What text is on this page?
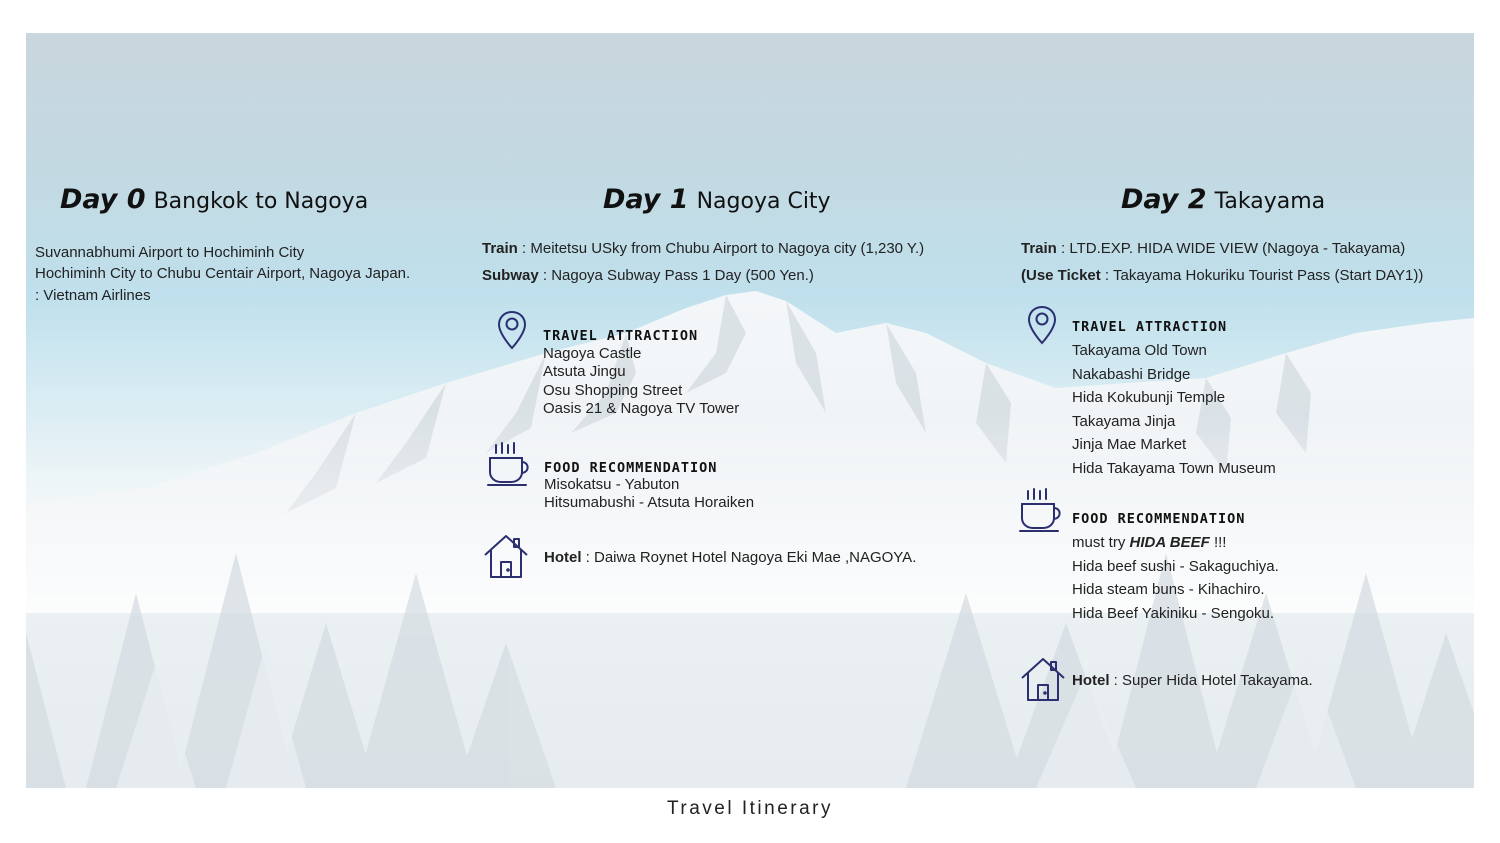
Day 0 Bangkok to Nagoya
Suvannabhumi Airport to Hochiminh City
Hochiminh City to Chubu Centair Airport, Nagoya Japan.
: Vietnam Airlines
Day 1 Nagoya City
Train : Meitetsu USky from Chubu Airport to Nagoya city (1,230 Y.)
Subway : Nagoya Subway Pass 1 Day (500 Yen.)
TRAVEL ATTRACTION
Nagoya Castle
Atsuta Jingu
Osu Shopping Street
Oasis 21 & Nagoya TV Tower
FOOD RECOMMENDATION
Misokatsu - Yabuton
Hitsumabushi - Atsuta Horaiken
Hotel : Daiwa Roynet Hotel Nagoya Eki Mae ,NAGOYA.
Day 2 Takayama
Train : LTD.EXP. HIDA WIDE VIEW (Nagoya - Takayama)
(Use Ticket : Takayama Hokuriku Tourist Pass (Start DAY1))
TRAVEL ATTRACTION
Takayama Old Town
Nakabashi Bridge
Hida Kokubunji Temple
Takayama Jinja
Jinja Mae Market
Hida Takayama Town Museum
FOOD RECOMMENDATION
must try HIDA BEEF !!!
Hida beef sushi - Sakaguchiya.
Hida steam buns - Kihachiro.
Hida Beef Yakiniku - Sengoku.
Hotel : Super Hida Hotel Takayama.
Travel Itinerary
